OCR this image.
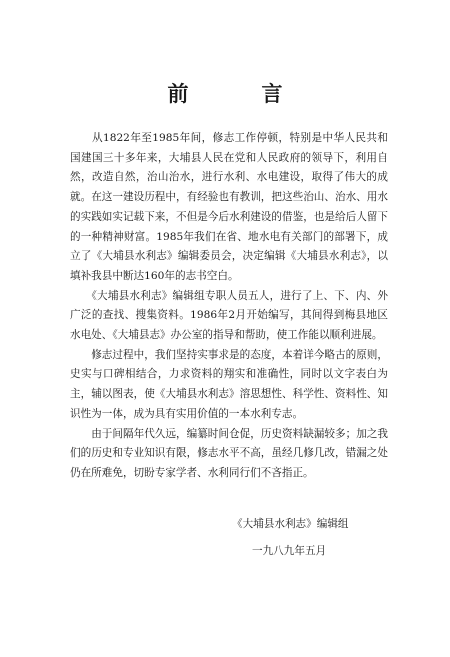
前　言

　　从1822年至1985年间，修志工作停顿，特别是中华人民共和国建国三十多年来，大埔县人民在党和人民政府的领导下，利用自然，改造自然，治山治水，进行水利、水电建设，取得了伟大的成就。在这一建设历程中，有经验也有教训，把这些治山、治水、用水的实践如实记载下来，不但是今后水利建设的借鉴，也是给后人留下的一种精神财富。1985年我们在省、地水电有关部门的部署下，成立了《大埔县水利志》编辑委员会，决定编辑《大埔县水利志》，以填补我县中断达160年的志书空白。

　　《大埔县水利志》编辑组专职人员五人，进行了上、下、内、外广泛的查找、搜集资料。1986年2月开始编写，其间得到梅县地区水电处、《大埔县志》办公室的指导和帮助，使工作能以顺利进展。

　　修志过程中，我们坚持实事求是的态度，本着详今略古的原则，史实与口碑相结合，力求资料的翔实和准确性，同时以文字表白为主，辅以图表，使《大埔县水利志》溶思想性、科学性、资料性、知识性为一体，成为具有实用价值的一本水利专志。

　　由于间隔年代久远，编纂时间仓促，历史资料缺漏较多；加之我们的历史和专业知识有限，修志水平不高，虽经几修几改，错漏之处仍在所难免，切盼专家学者、水利同行们不吝指正。

《大埔县水利志》编辑组
一九八九年五月
